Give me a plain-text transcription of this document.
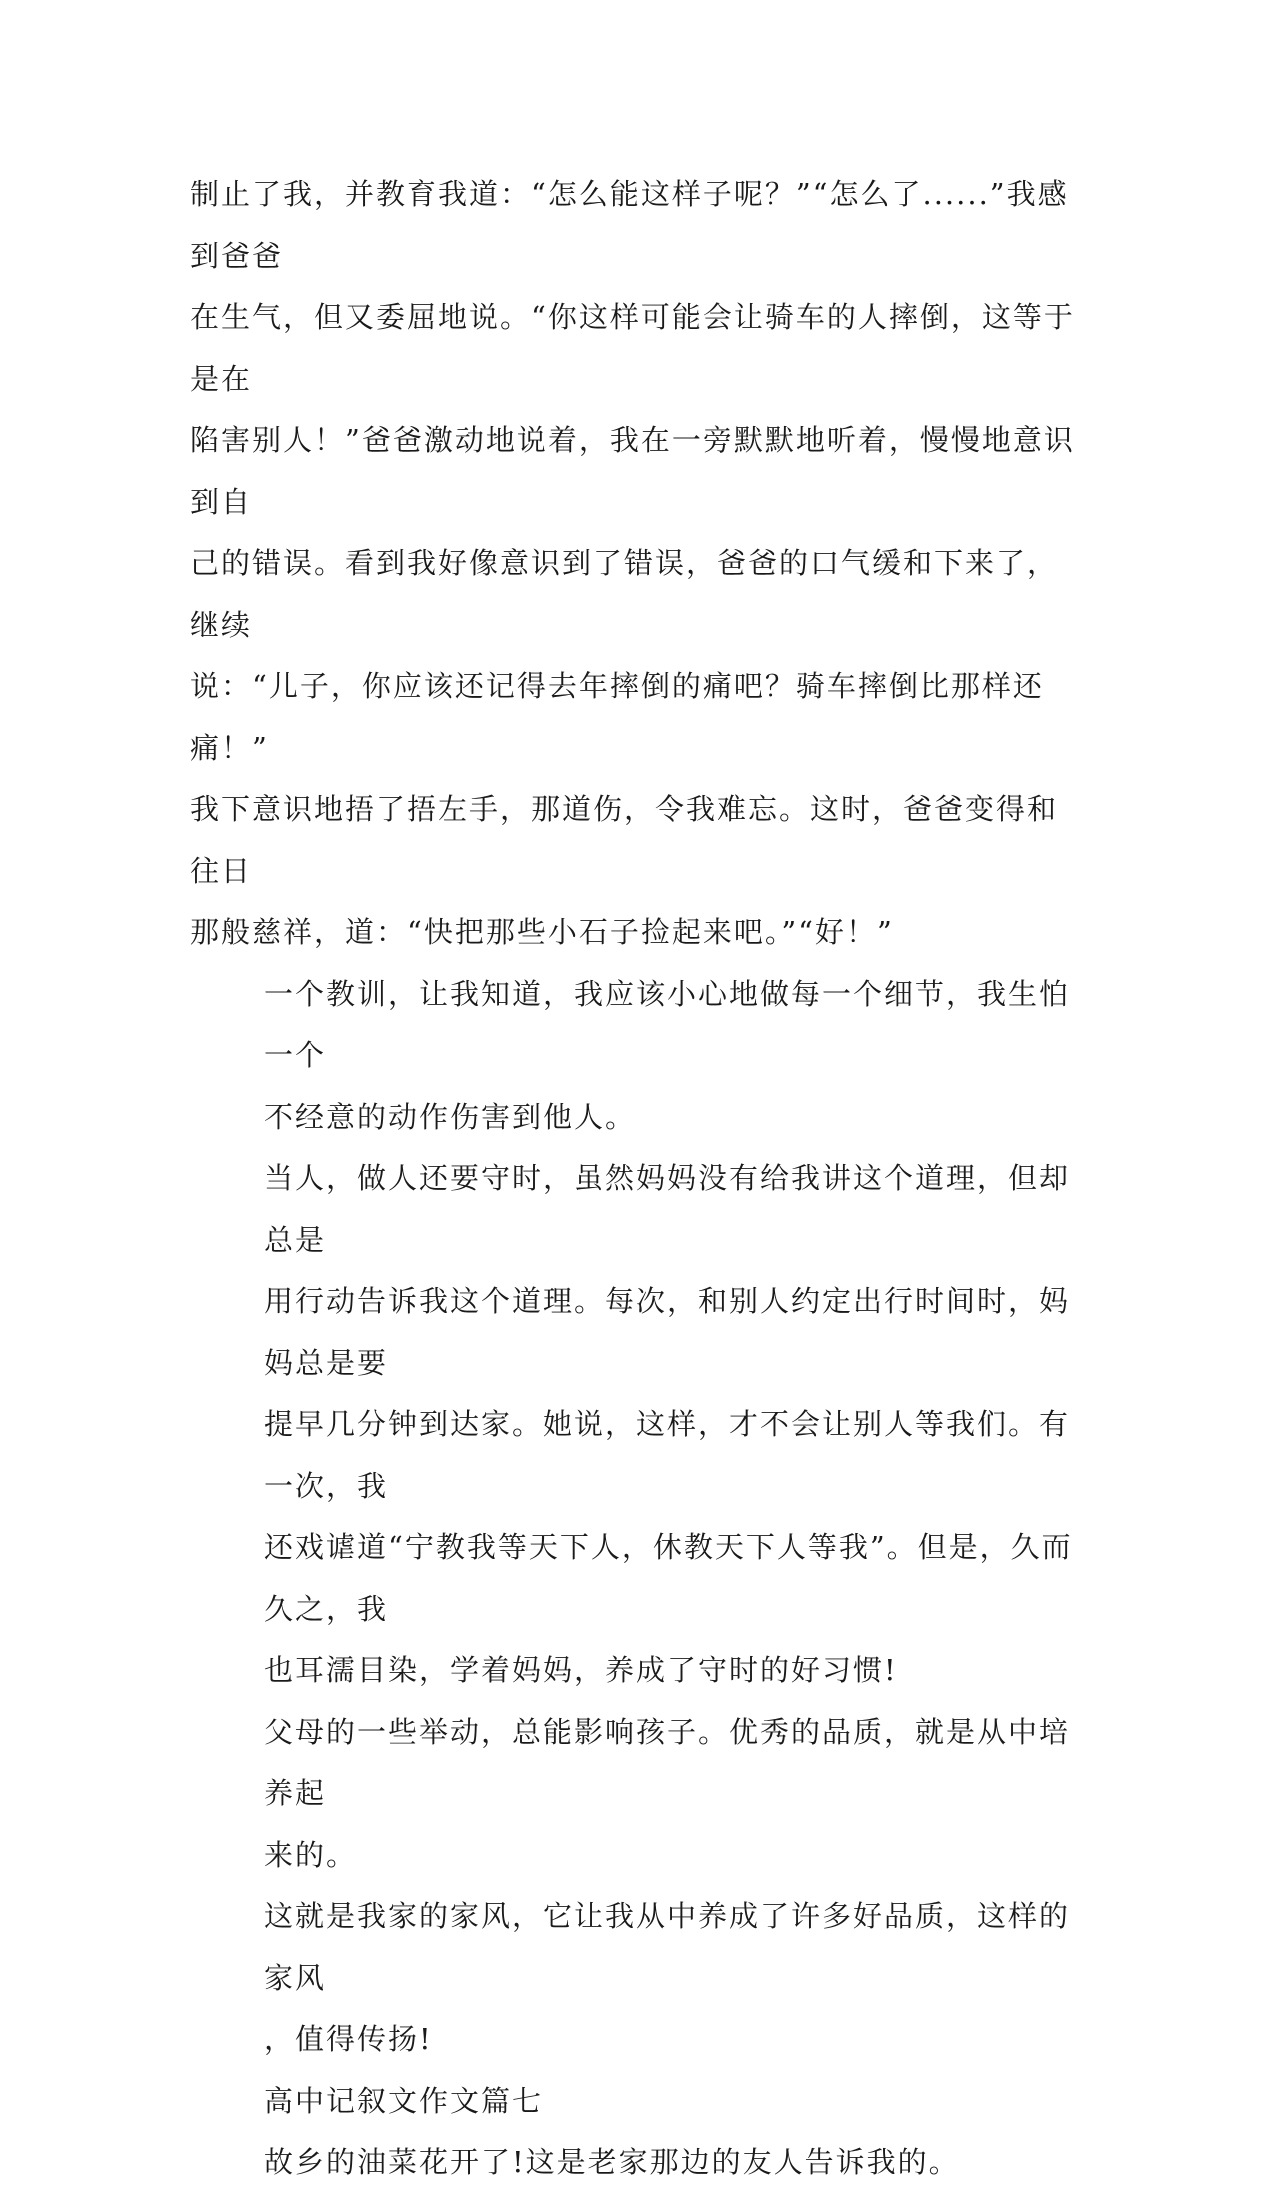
制止了我，并教育我道：“怎么能这样子呢？”“怎么了......”我感到爸爸
在生气，但又委屈地说。“你这样可能会让骑车的人摔倒，这等于是在
陷害别人！”爸爸激动地说着，我在一旁默默地听着，慢慢地意识到自
己的错误。看到我好像意识到了错误，爸爸的口气缓和下来了，继续
说：“儿子，你应该还记得去年摔倒的痛吧？骑车摔倒比那样还痛！”
我下意识地捂了捂左手，那道伤，令我难忘。这时，爸爸变得和往日
那般慈祥，道：“快把那些小石子捡起来吧。”“好！”

一个教训，让我知道，我应该小心地做每一个细节，我生怕一个
不经意的动作伤害到他人。

当人，做人还要守时，虽然妈妈没有给我讲这个道理，但却总是
用行动告诉我这个道理。每次，和别人约定出行时间时，妈妈总是要
提早几分钟到达家。她说，这样，才不会让别人等我们。有一次，我
还戏谑道“宁教我等天下人，休教天下人等我”。但是，久而久之，我
也耳濡目染，学着妈妈，养成了守时的好习惯!

父母的一些举动，总能影响孩子。优秀的品质，就是从中培养起
来的。

这就是我家的家风，它让我从中养成了许多好品质，这样的家风
，值得传扬!

高中记叙文作文篇七

故乡的油菜花开了!这是老家那边的友人告诉我的。
